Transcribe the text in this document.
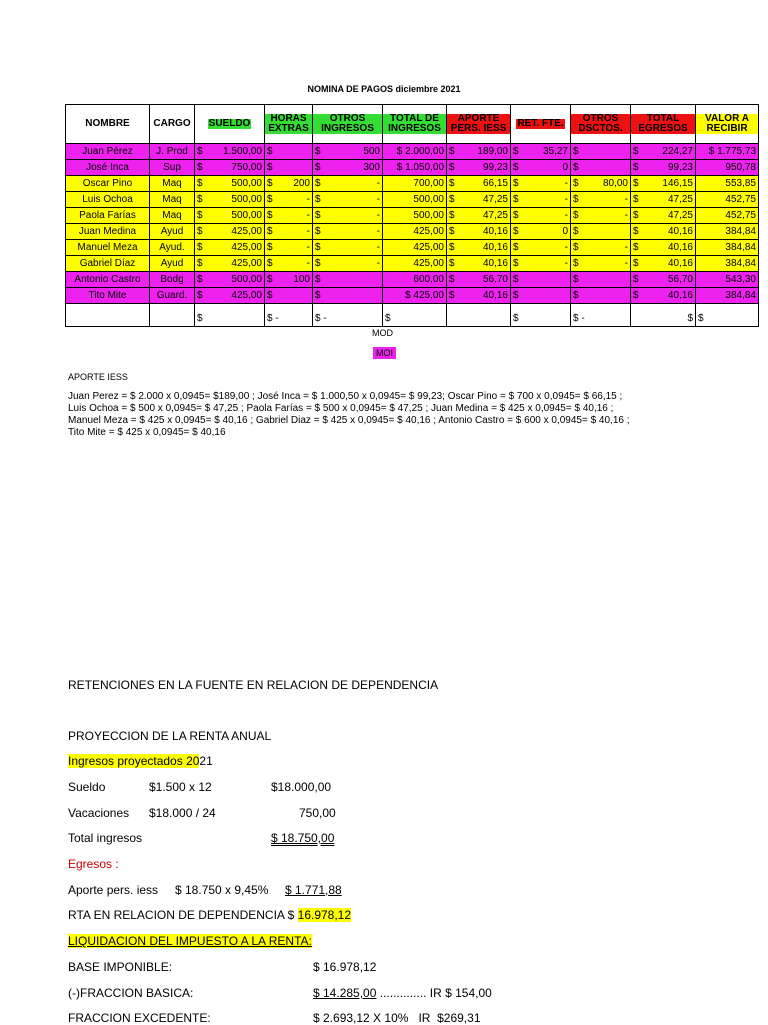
NOMINA DE PAGOS diciembre 2021
NOMBRE	CARGO	SUELDO	HORAS EXTRAS	OTROS INGRESOS	TOTAL DE INGRESOS	APORTE PERS. IESS	RET. FTE.	OTROS DSCTOS.	TOTAL EGRESOS	VALOR A RECIBIR
Juan Pérez	J. Prod	$ 1.500,00	$	$ 500	$ 2.000,00	$ 189,00	$ 35,27	$	$ 224,27	$ 1.775,73
José Inca	Sup	$ 750,00	$	$ 300	$ 1.050,00	$ 99,23	$ 0	$	$ 99,23	950,78
Oscar Pino	Maq	$ 500,00	$ 200	$ -	700,00	$ 66,15	$ -	$ 80,00	$ 146,15	553,85
Luis Ochoa	Maq	$ 500,00	$ -	$ -	500,00	$ 47,25	$ -	$ -	$ 47,25	452,75
Paola Farías	Maq	$ 500,00	$ -	$ -	500,00	$ 47,25	$ -	$ -	$ 47,25	452,75
Juan Medina	Ayud	$ 425,00	$ -	$ -	425,00	$ 40,16	$ 0	$	$ 40,16	384,84
Manuel Meza	Ayud.	$ 425,00	$ -	$ -	425,00	$ 40,16	$ -	$ -	$ 40,16	384,84
Gabriel Díaz	Ayud	$ 425,00	$ -	$ -	425,00	$ 40,16	$ -	$ -	$ 40,16	384,84
Antonio Castro	Bodg	$ 500,00	$ 100	$	600,00	$ 56,70	$	$	$ 56,70	543,30
Tito Mite	Guard.	$ 425,00	$	$	$ 425,00	$ 40,16	$	$	$ 40,16	384,84
		$	$ -	$ -	$		$	$ -	$	$
MOD
MOI
APORTE IESS
Juan Perez = $ 2.000 x 0,0945= $189,00 ; José Inca = $ 1.000,50 x 0,0945= $ 99,23; Oscar Pino = $ 700 x 0,0945= $ 66,15 ;
Luis Ochoa = $ 500 x 0,0945= $ 47,25 ; Paola Farías = $ 500 x 0,0945= $ 47,25 ; Juan Medina = $ 425 x 0,0945= $ 40,16 ;
Manuel Meza = $ 425 x 0,0945= $ 40,16 ; Gabriel Diaz = $ 425 x 0,0945= $ 40,16 ; Antonio Castro = $ 600 x 0,0945= $ 40,16 ;
Tito Mite = $ 425 x 0,0945= $ 40,16
RETENCIONES EN LA FUENTE EN RELACION DE DEPENDENCIA
PROYECCION DE LA RENTA ANUAL
Ingresos proyectados 2021
Sueldo	$1.500 x 12	$18.000,00
Vacaciones $18.000 / 24	750,00
Total ingresos	$ 18.750,00
Egresos :
Aporte pers. iess $ 18.750 x 9,45% $ 1.771,88
RTA EN RELACION DE DEPENDENCIA $ 16.978,12
LIQUIDACION DEL IMPUESTO A LA RENTA:
BASE IMPONIBLE:	$ 16.978,12
(-)FRACCION BASICA:	$ 14.285,00 .............. IR $ 154,00
FRACCION EXCEDENTE:	$ 2.693,12 X 10% IR $269,31
